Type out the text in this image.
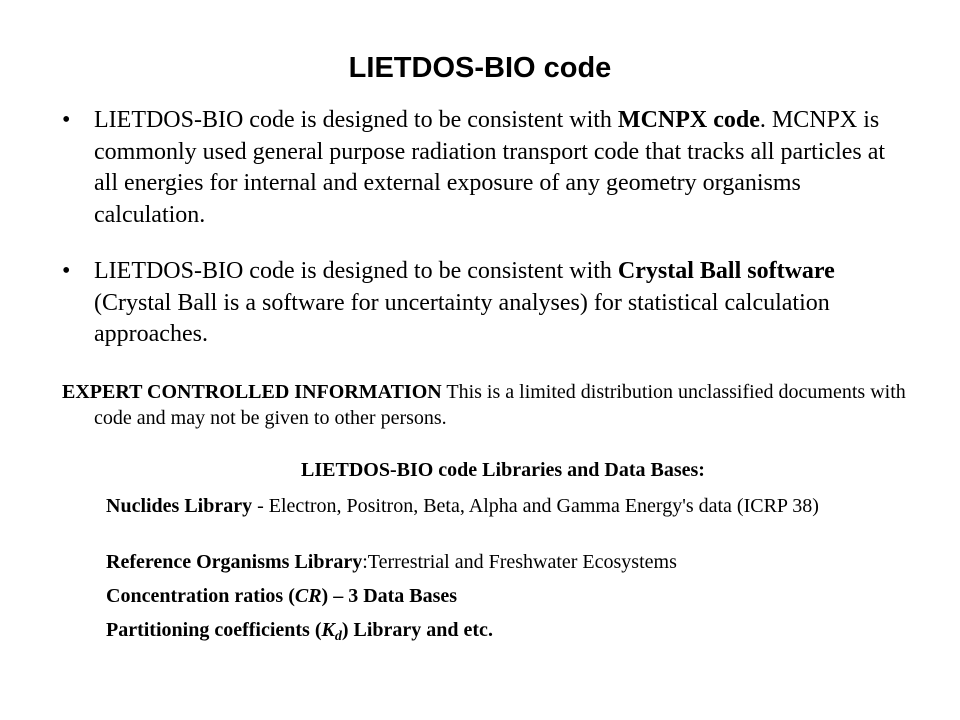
LIETDOS-BIO code
• LIETDOS-BIO code is designed to be consistent with MCNPX code. MCNPX is commonly used general purpose radiation transport code that tracks all particles at all energies for internal and external exposure of any geometry organisms calculation.
• LIETDOS-BIO code is designed to be consistent with Crystal Ball software (Crystal Ball is a software for uncertainty analyses) for statistical calculation approaches.
EXPERT CONTROLLED INFORMATION This is a limited distribution unclassified documents with code and may not be given to other persons.
LIETDOS-BIO code Libraries and Data Bases:
Nuclides Library - Electron, Positron, Beta, Alpha and Gamma Energy's data (ICRP 38)
Reference Organisms Library:Terrestrial and Freshwater Ecosystems
Concentration ratios (CR) – 3 Data Bases
Partitioning coefficients $(K_d)$ Library and etc.
